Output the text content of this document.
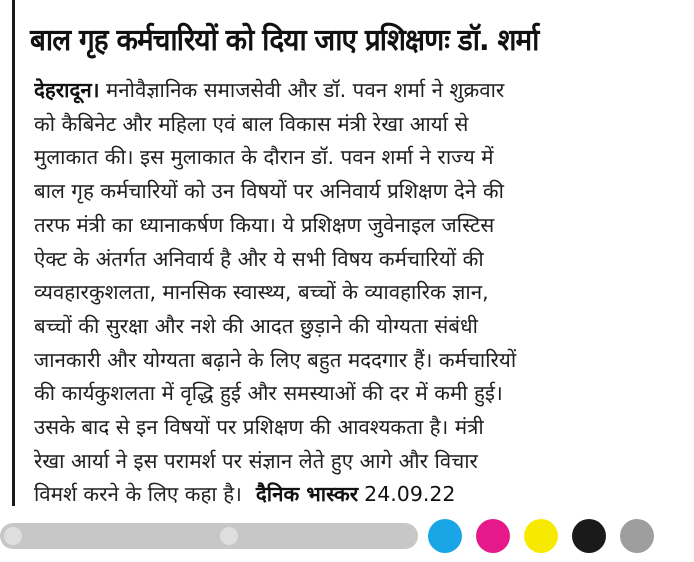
बाल गृह कर्मचारियों को दिया जाए प्रशिक्षणः डॉ. शर्मा
देहरादून। मनोवैज्ञानिक समाजसेवी और डॉ. पवन शर्मा ने शुक्रवार
को कैबिनेट और महिला एवं बाल विकास मंत्री रेखा आर्या से
मुलाकात की। इस मुलाकात के दौरान डॉ. पवन शर्मा ने राज्य में
बाल गृह कर्मचारियों को उन विषयों पर अनिवार्य प्रशिक्षण देने की
तरफ मंत्री का ध्यानाकर्षण किया। ये प्रशिक्षण जुवेनाइल जस्टिस
ऐक्ट के अंतर्गत अनिवार्य है और ये सभी विषय कर्मचारियों की
व्यवहारकुशलता, मानसिक स्वास्थ्य, बच्चों के व्यावहारिक ज्ञान,
बच्चों की सुरक्षा और नशे की आदत छुड़ाने की योग्यता संबंधी
जानकारी और योग्यता बढ़ाने के लिए बहुत मददगार हैं। कर्मचारियों
की कार्यकुशलता में वृद्धि हुई और समस्याओं की दर में कमी हुई।
उसके बाद से इन विषयों पर प्रशिक्षण की आवश्यकता है। मंत्री
रेखा आर्या ने इस परामर्श पर संज्ञान लेते हुए आगे और विचार
विमर्श करने के लिए कहा है। दैनिक भास्कर 24.09.22
